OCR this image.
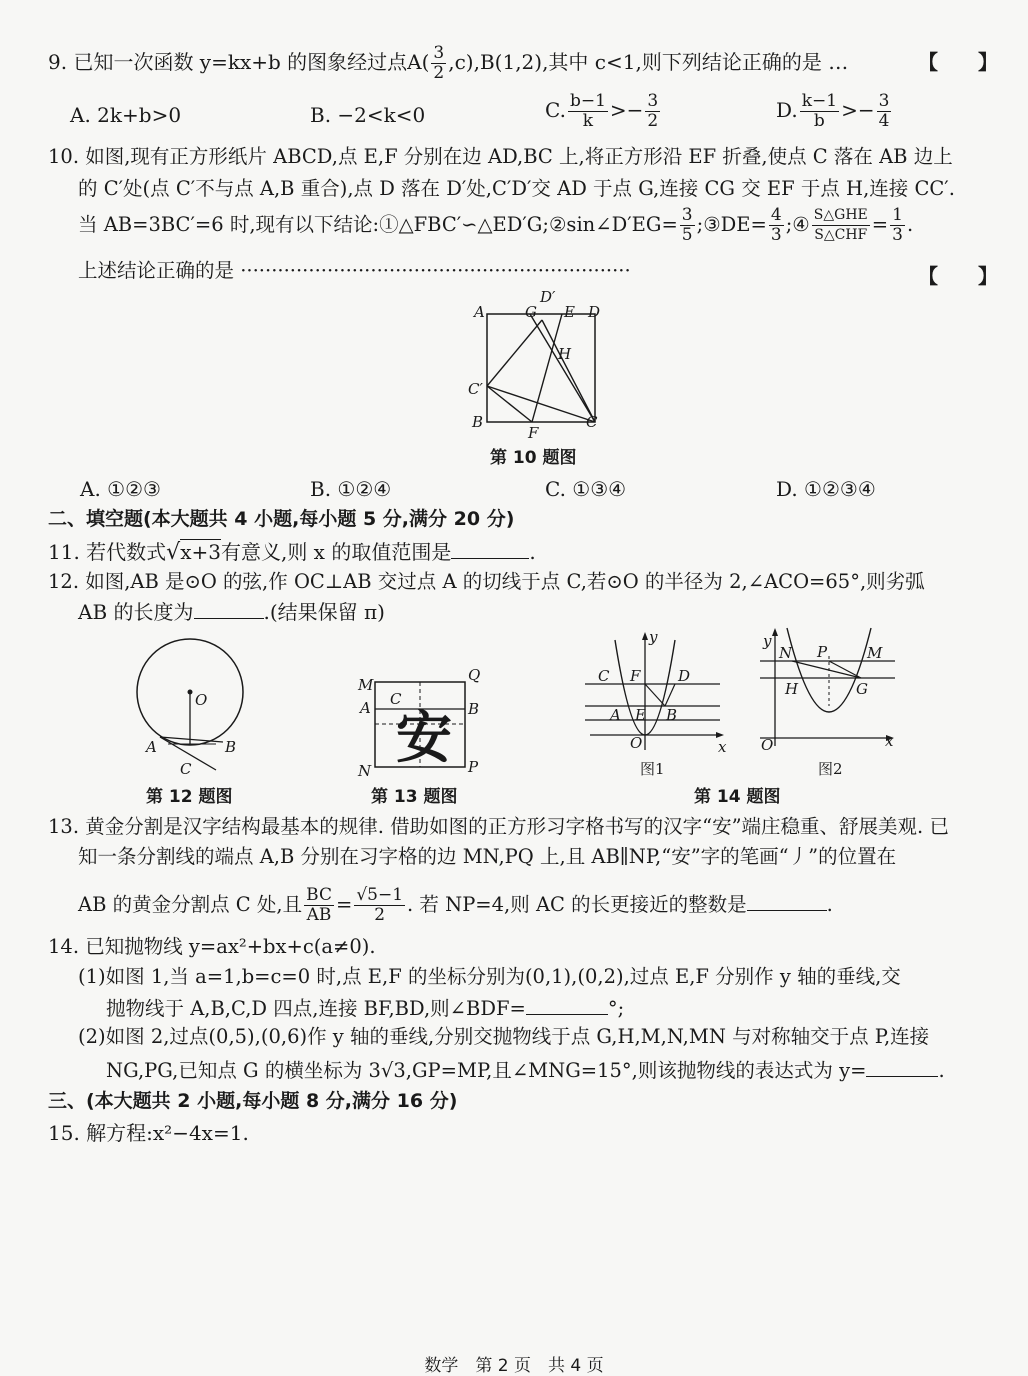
9. 已知一次函数 y=kx+b 的图象经过点$A( \frac{3}{2} ,c),B(1,2)$,其中 c<1,则下列结论正确的是 …	【　　】
A. 2k+b>0	B. −2<k<0	C. $\frac{b-1}{k} >- \frac{3}{2}$	D. $\frac{k-1}{b} >- \frac{3}{4}$
10. 如图,现有正方形纸片 ABCD,点 E,F 分别在边 AD,BC 上,将正方形沿 EF 折叠,使点 C 落在 AB 边上
的 C′处(点 C′不与点 A,B 重合),点 D 落在 D′处,C′D′交 AD 于点 G,连接 CG 交 EF 于点 H,连接 CC′.
当 AB=3BC′=6 时,现有以下结论:①△FBC′∽△ED′G;②sin∠D′EG= $\frac{3}{5}$ ;③DE= $\frac{4}{3}$ ;④ $\frac{\text{S△GHE}}{\text{S△CHF}} = \frac{1}{3}$ .
上述结论正确的是 ·······························································	【　　】
A	G
D′
E D
H
C′
B	C
F
第 10 题图
A. ①②③	B. ①②④	C. ①③④	D. ①②③④
二、填空题(本大题共 4 小题,每小题 5 分,满分 20 分)
11. 若代数式√x+3有意义,则 x 的取值范围是	.
12. 如图,AB 是⊙O 的弦,作 OC⊥AB 交过点 A 的切线于点 C,若⊙O 的半径为 2,∠ACO=65°,则劣弧
AB 的长度为	.(结果保留 π)
O
A	B
C
第 12 题图
安
M
Q
A C
B
N	P
第 13 题图
y
x
O
C F	D
A E B
图1
y
x
O
N P	M
H	G
图2
第 14 题图
13. 黄金分割是汉字结构最基本的规律. 借助如图的正方形习字格书写的汉字“安”端庄稳重、舒展美观. 已
知一条分割线的端点 A,B 分别在习字格的边 MN,PQ 上,且 AB∥NP,“安”字的笔画“丿”的位置在
AB 的黄金分割点 C 处,且 $\frac{BC}{AB} = \frac{√5-1}{2}$ . 若 NP=4,则 AC 的长更接近的整数是	.
14. 已知抛物线 y=ax²+bx+c(a≠0).
(1)如图 1,当 a=1,b=c=0 时,点 E,F 的坐标分别为(0,1),(0,2),过点 E,F 分别作 y 轴的垂线,交
抛物线于 A,B,C,D 四点,连接 BF,BD,则∠BDF=	°;
(2)如图 2,过点(0,5),(0,6)作 y 轴的垂线,分别交抛物线于点 G,H,M,N,MN 与对称轴交于点 P,连接
NG,PG,已知点 G 的横坐标为 3√3,GP=MP,且∠MNG=15°,则该抛物线的表达式为 y=	.
三、(本大题共 2 小题,每小题 8 分,满分 16 分)
15. 解方程:x²−4x=1.
数学　第 2 页　共 4 页
